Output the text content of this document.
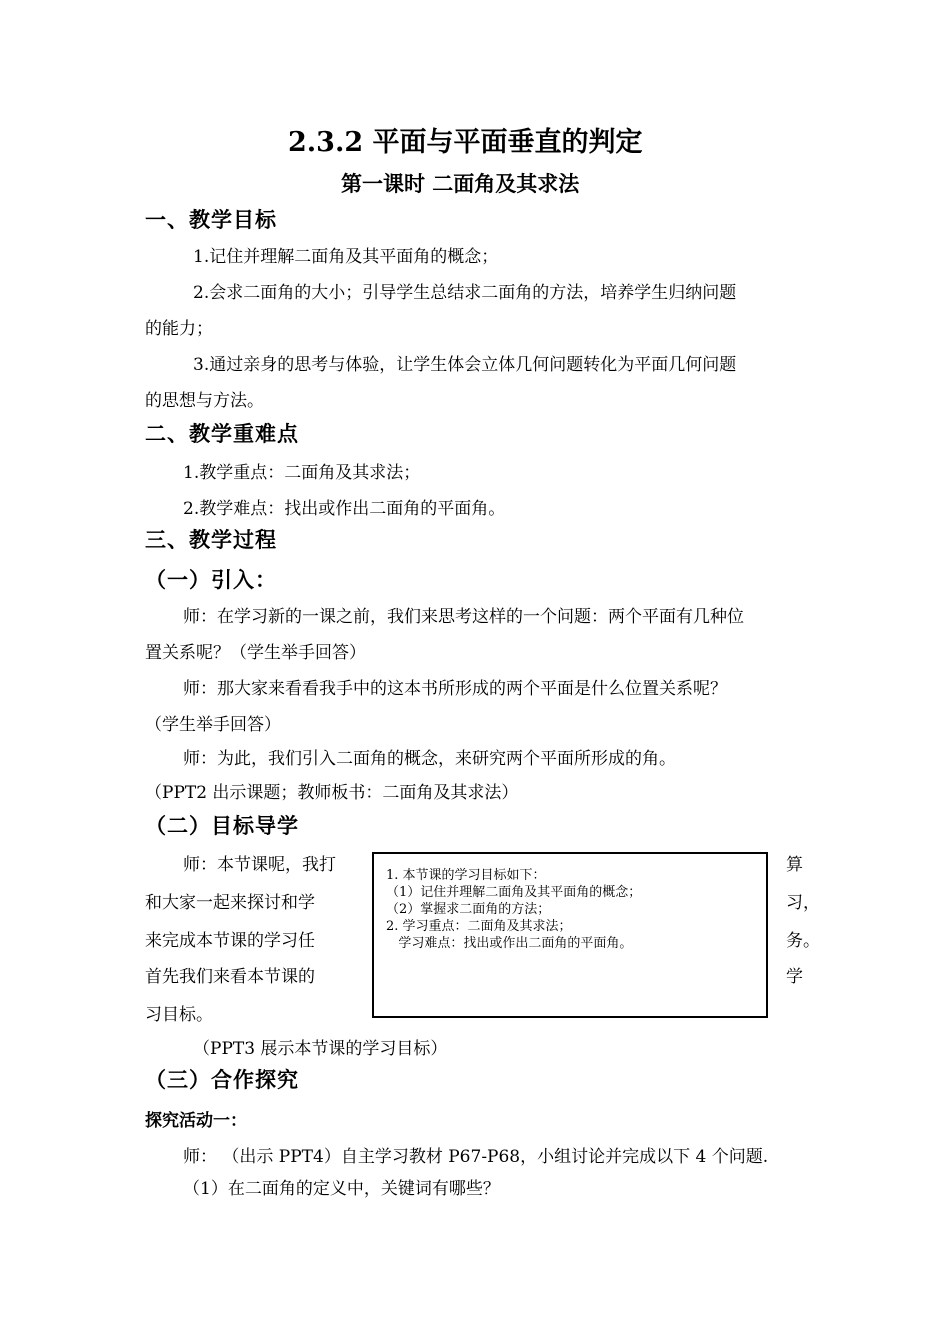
2.3.2 平面与平面垂直的判定
第一课时 二面角及其求法
一、教学目标
1.记住并理解二面角及其平面角的概念；
2.会求二面角的大小；引导学生总结求二面角的方法，培养学生归纳问题
的能力；
3.通过亲身的思考与体验，让学生体会立体几何问题转化为平面几何问题
的思想与方法。
二、教学重难点
1.教学重点：二面角及其求法；
2.教学难点：找出或作出二面角的平面角。
三、教学过程
（一）引入：
师：在学习新的一课之前，我们来思考这样的一个问题：两个平面有几种位
置关系呢？（学生举手回答）
师：那大家来看看我手中的这本书所形成的两个平面是什么位置关系呢？
（学生举手回答）
师：为此，我们引入二面角的概念，来研究两个平面所形成的角。
（PPT2 出示课题；教师板书：二面角及其求法）
（二）目标导学
师：本节课呢，我打
和大家一起来探讨和学
来完成本节课的学习任
首先我们来看本节课的
习目标。
算
习，
务。
学
1. 本节课的学习目标如下：
（1）记住并理解二面角及其平面角的概念；
（2）掌握求二面角的方法；
2. 学习重点：二面角及其求法；
学习难点：找出或作出二面角的平面角。
（PPT3 展示本节课的学习目标）
（三）合作探究
探究活动一：
师： （出示 PPT4）自主学习教材 P67-P68，小组讨论并完成以下 4 个问题.
（1）在二面角的定义中，关键词有哪些？
